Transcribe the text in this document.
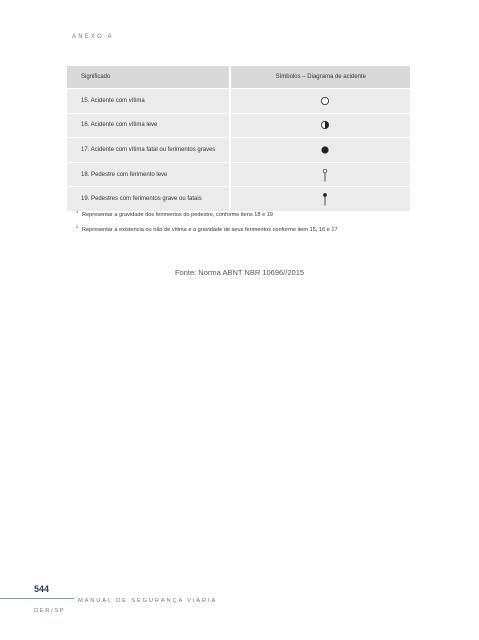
ANEXO A
Significado	Símbolos – Diagrama de acidente
15. Acidente com vítima
16. Acidente com vítima leve
17. Acidente com vítima fatal ou ferimentos graves
18. Pedestre com ferimento leve
19. Pedestres com ferimentos grave ou fatais
1
Representar a gravidade dos ferimentos do pedestre, conforme itens 18 e 19
2
Representar a existencia ou não de vítima e a gravidade de seus ferimentos conforme item 15, 16 e 17
Fonte: Norma ABNT NBR 10696//2015
544
MANUAL DE SEGURANÇA VIÁRIA
DER/SP
